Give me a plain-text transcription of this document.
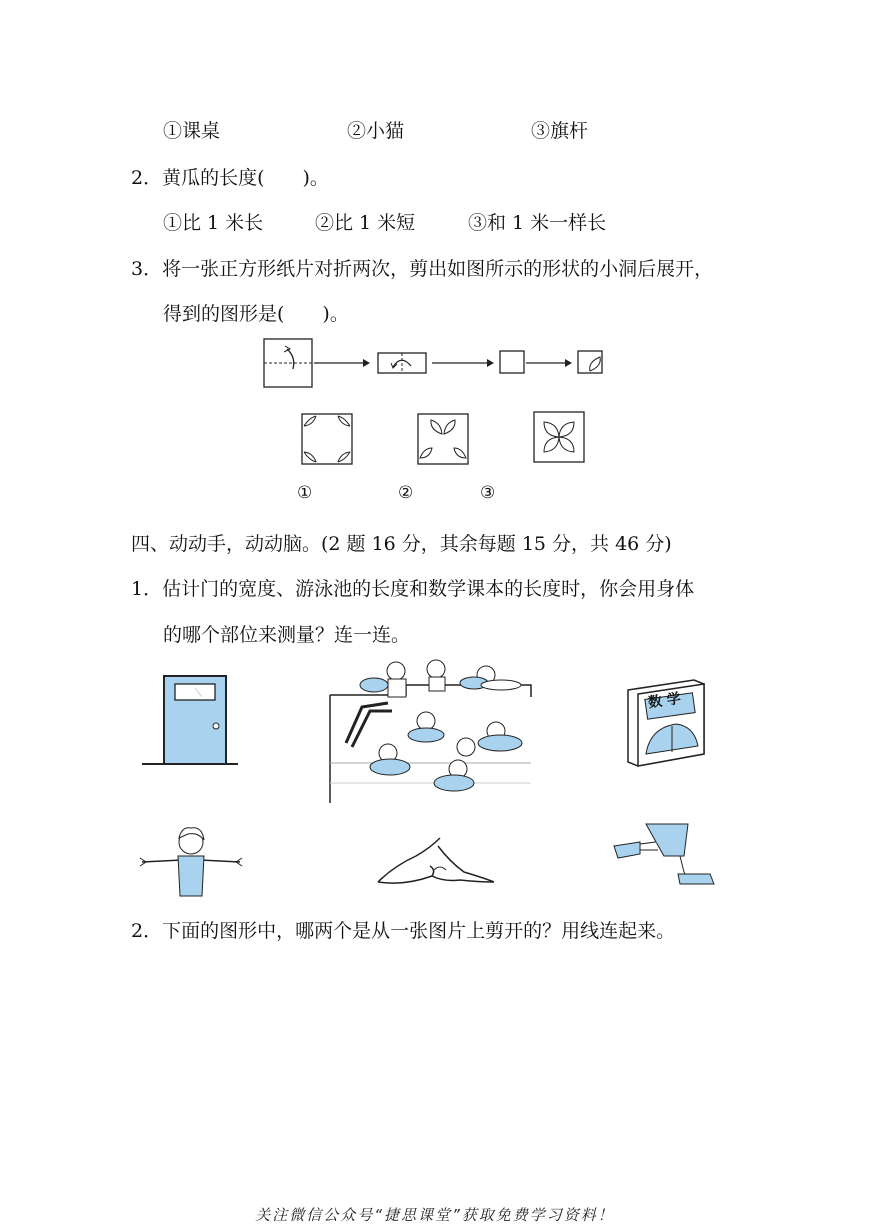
①课桌	②小猫	③旗杆
2．黄瓜的长度(　　)。
①比 1 米长	②比 1 米短	③和 1 米一样长
3．将一张正方形纸片对折两次，剪出如图所示的形状的小洞后展开，
得到的图形是(　　)。
①	②	③
四、动动手，动动脑。(2 题 16 分，其余每题 15 分，共 46 分)
1．估计门的宽度、游泳池的长度和数学课本的长度时，你会用身体
的哪个部位来测量？连一连。
数 学
2．下面的图形中，哪两个是从一张图片上剪开的？用线连起来。
关注微信公众号“捷思课堂”获取免费学习资料！
